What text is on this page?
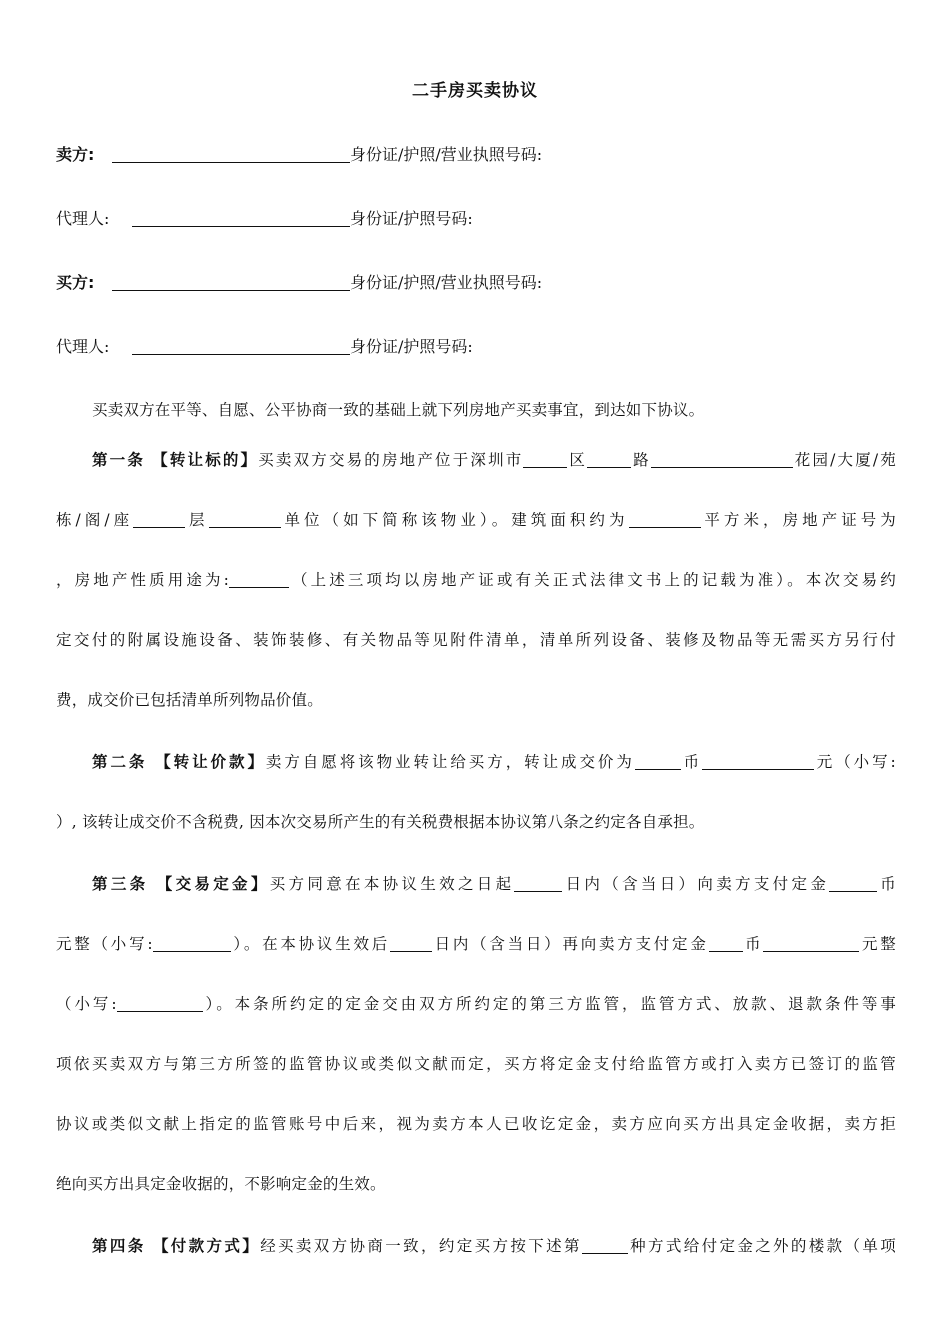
二手房买卖协议
卖方:	身份证/护照/营业执照号码:
代理人:	身份证/护照号码:
买方:	身份证/护照/营业执照号码:
代理人:	身份证/护照号码:
买卖双方在平等、自愿、公平协商一致的基础上就下列房地产买卖事宜，到达如下协议。
第一条 【转让标的】买卖双方交易的房地产位于深圳市	区	路	花园/大厦/苑
栋/阁/座	层	单位（如下简称该物业）。建筑面积约为	平方米，房地产证号为
，房地产性质用途为:	（上述三项均以房地产证或有关正式法律文书上的记载为准）。本次交易约
定交付的附属设施设备、装饰装修、有关物品等见附件清单，清单所列设备、装修及物品等无需买方另行付
费，成交价已包括清单所列物品价值。
第二条 【转让价款】卖方自愿将该物业转让给买方，转让成交价为	币	元（小写:
）, 该转让成交价不含税费, 因本次交易所产生的有关税费根据本协议第八条之约定各自承担。
第三条 【交易定金】买方同意在本协议生效之日起	日内（含当日）向卖方支付定金	币
元整（小写:	）。在本协议生效后	日内（含当日）再向卖方支付定金 币	元整
（小写:	）。本条所约定的定金交由双方所约定的第三方监管，监管方式、放款、退款条件等事
项依买卖双方与第三方所签的监管协议或类似文献而定，买方将定金支付给监管方或打入卖方已签订的监管
协议或类似文献上指定的监管账号中后来，视为卖方本人已收讫定金，卖方应向买方出具定金收据，卖方拒
绝向买方出具定金收据的，不影响定金的生效。
第四条 【付款方式】经买卖双方协商一致，约定买方按下述第	种方式给付定金之外的楼款（单项
